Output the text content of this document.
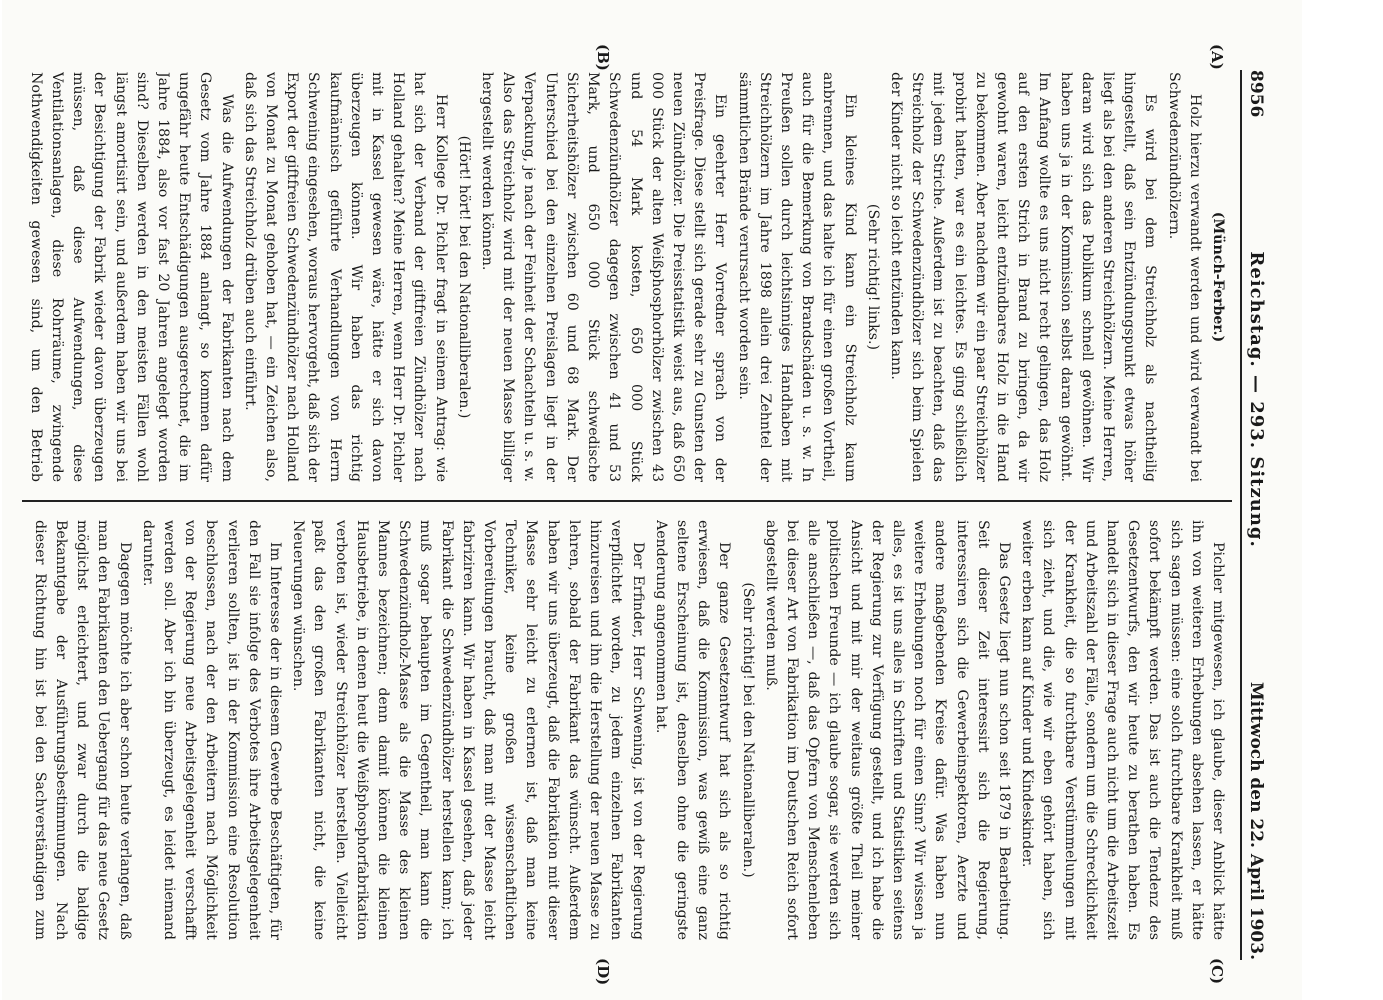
8956
Reichstag. — 293. Sitzung.
Mittwoch den 22. April 1903.
(A)
(B)
(C)
(D)

(Münch-Ferber.)

Holz hierzu verwandt werden und wird verwandt bei Schwedenzündhölzern.

Es wird bei dem Streichholz als nachtheilig hingestellt, daß sein Entzündungspunkt etwas höher liegt als bei den anderen Streichhölzern. Meine Herren, daran wird sich das Publikum schnell gewöhnen. Wir haben uns ja in der Kommission selbst daran gewöhnt. Im Anfang wollte es uns nicht recht gelingen, das Holz auf den ersten Strich in Brand zu bringen, da wir gewohnt waren, leicht entzündbares Holz in die Hand zu bekommen. Aber nachdem wir ein paar Streichhölzer probirt hatten, war es ein leichtes. Es ging schließlich mit jedem Striche. Außerdem ist zu beachten, daß das Streichholz der Schwedenzündhölzer sich beim Spielen der Kinder nicht so leicht entzünden kann.

(Sehr richtig! links.)

Ein kleines Kind kann ein Streichholz kaum anbrennen, und das halte ich für einen großen Vortheil, auch für die Bemerkung von Brandschäden u. s. w. In Preußen sollen durch leichtsinniges Handhaben mit Streichhölzern im Jahre 1898 allein drei Zehntel der sämmtlichen Brände verursacht worden sein.

Ein geehrter Herr Vorredner sprach von der Preisfrage. Diese stellt sich gerade sehr zu Gunsten der neuen Zündhölzer. Die Preisstatistik weist aus, daß 650 000 Stück der alten Weißphosphorhölzer zwischen 43 und 54 Mark kosten, 650 000 Stück Schwedenzündhölzer dagegen zwischen 41 und 53 Mark, und 650 000 Stück schwedische Sicherheitshölzer zwischen 60 und 68 Mark. Der Unterschied bei den einzelnen Preislagen liegt in der Verpackung, je nach der Feinheit der Schachteln u. s. w. Also das Streichholz wird mit der neuen Masse billiger hergestellt werden können.

(Hört! hört! bei den Nationalliberalen.)

Herr Kollege Dr. Pichler fragt in seinem Antrag: wie hat sich der Verband der giftfreien Zündhölzer nach Holland gehalten? Meine Herren, wenn Herr Dr. Pichler mit in Kassel gewesen wäre, hätte er sich davon überzeugen können. Wir haben das richtig kaufmännisch geführte Verhandlungen von Herrn Schwening eingesehen, woraus hervorgeht, daß sich der Export der giftfreien Schwedenzündhölzer nach Holland von Monat zu Monat gehoben hat, — ein Zeichen also, daß sich das Streichholz drüben auch einführt.

Was die Aufwendungen der Fabrikanten nach dem Gesetz vom Jahre 1884 anlangt, so kommen dafür ungefähr heute Entschädigungen ausgerechnet, die im Jahre 1884, also vor fast 20 Jahren angelegt worden sind? Dieselben werden in den meisten Fällen wohl längst amortisirt sein, und außerdem haben wir uns bei der Besichtigung der Fabrik wieder davon überzeugen müssen, daß diese Aufwendungen, diese Ventilationsanlagen, diese Rohrräume, zwingende Nothwendigkeiten gewesen sind, um den Betrieb

Pichler mitgewesen, ich glaube, dieser Anblick hätte ihn von weiteren Erhebungen absehen lassen, er hätte sich sagen müssen: eine solch furchtbare Krankheit muß sofort bekämpft werden. Das ist auch die Tendenz des Gesetzentwurfs, den wir heute zu berathen haben. Es handelt sich in dieser Frage auch nicht um die Arbeitszeit und Arbeitszahl der Fälle, sondern um die Schrecklichkeit der Krankheit, die so furchtbare Verstümmelungen mit sich zieht, und die, wie wir eben gehört haben, sich weiter erben kann auf Kinder und Kindeskinder.

Das Gesetz liegt nun schon seit 1879 in Bearbeitung. Seit dieser Zeit interessirt sich die Regierung, interessiren sich die Gewerbeinspektoren, Aerzte und andere maßgebenden Kreise dafür. Was haben nun weitere Erhebungen noch für einen Sinn? Wir wissen ja alles, es ist uns alles in Schriften und Statistiken seitens der Regierung zur Verfügung gestellt, und ich habe die Ansicht und mit mir der weitaus größte Theil meiner politischen Freunde — ich glaube sogar, sie werden sich alle anschließen —, daß das Opfern von Menschenleben bei dieser Art von Fabrikation im Deutschen Reich sofort abgestellt werden muß.

(Sehr richtig! bei den Nationalliberalen.)

Der ganze Gesetzentwurf hat sich als so richtig erwiesen, daß die Kommission, was gewiß eine ganz seltene Erscheinung ist, denselben ohne die geringste Aenderung angenommen hat.

Der Erfinder, Herr Schwening, ist von der Regierung verpflichtet worden, zu jedem einzelnen Fabrikanten hinzureisen und ihn die Herstellung der neuen Masse zu lehren, sobald der Fabrikant das wünscht. Außerdem haben wir uns überzeugt, daß die Fabrikation mit dieser Masse sehr leicht zu erlernen ist, daß man keine Techniker, keine großen wissenschaftlichen Vorbereitungen braucht, daß man mit der Masse leicht fabriziren kann. Wir haben in Kassel gesehen, daß jeder Fabrikant die Schwedenzündhölzer herstellen kann; ich muß sogar behaupten im Gegentheil, man kann die Schwedenzündholz-Masse als die Masse des kleinen Mannes bezeichnen; denn damit können die kleinen Hausbetriebe, in denen heut die Weißphosphorfabrikation verboten ist, wieder Streichhölzer herstellen. Vielleicht paßt das den großen Fabrikanten nicht, die keine Neuerungen wünschen.

Im Interesse der in diesem Gewerbe Beschäftigten, für den Fall sie infolge des Verbotes ihre Arbeitsgelegenheit verlieren sollten, ist in der Kommission eine Resolution beschlossen, nach der den Arbeitern nach Möglichkeit von der Regierung neue Arbeitsgelegenheit verschafft werden soll. Aber ich bin überzeugt, es leidet niemand darunter.

Dagegen möchte ich aber schon heute verlangen, daß man den Fabrikanten den Uebergang für das neue Gesetz möglichst erleichtert, und zwar durch die baldige Bekanntgabe der Ausführungsbestimmungen. Nach dieser Richtung hin ist bei den Sachverständigen zum
